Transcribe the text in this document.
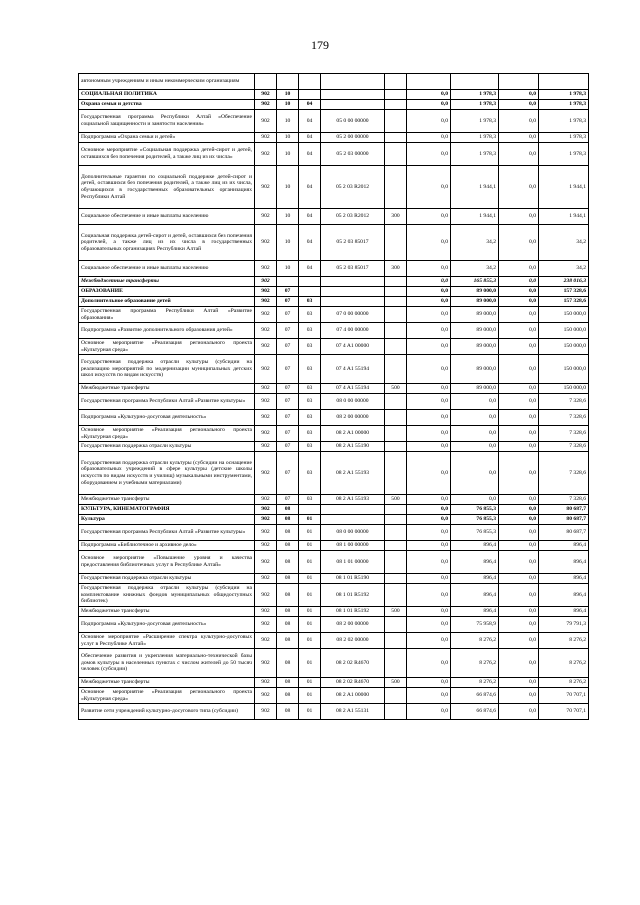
179
автономным учреждениям и иным некоммерческим организациям									
СОЦИАЛЬНАЯ ПОЛИТИКА	902	10				0,0	1 978,3	0,0	1 978,3
Охрана семьи и детства	902	10	04			0,0	1 978,3	0,0	1 978,3
Государственная программа Республики Алтай «Обеспечение социальной защищенности и занятости населения»	902	10	04	05 0 00 00000		0,0	1 978,3	0,0	1 978,3
Подпрограмма «Охрана семьи и детей»	902	10	04	05 2 00 00000		0,0	1 978,3	0,0	1 978,3
Основное мероприятие «Социальная поддержка детей-сирот и детей, оставшихся без попечения родителей, а также лиц из их числа»	902	10	04	05 2 03 00000		0,0	1 978,3	0,0	1 978,3
Дополнительные гарантии по социальной поддержке детей-сирот и детей, оставшихся без попечения родителей, а также лиц из их числа, обучающихся в государственных образовательных организациях Республики Алтай	902	10	04	05 2 03 R2012		0,0	1 944,1	0,0	1 944,1
Социальное обеспечение и иные выплаты населению	902	10	04	05 2 03 R2012	300	0,0	1 944,1	0,0	1 944,1
Социальная поддержка детей-сирот и детей, оставшихся без попечения родителей, а также лиц из их числа в государственных образовательных организациях Республики Алтай	902	10	04	05 2 03 85017		0,0	34,2	0,0	34,2
Социальное обеспечение и иные выплаты населению	902	10	04	05 2 03 85017	300	0,0	34,2	0,0	34,2
Межбюджетные трансферты	902					0,0	165 855,3	0,0	238 016,3
ОБРАЗОВАНИЕ	902	07				0,0	89 000,0	0,0	157 328,6
Дополнительное образование детей	902	07	03			0,0	89 000,0	0,0	157 328,6
Государственная программа Республики Алтай «Развитие образования»	902	07	03	07 0 00 00000		0,0	89 000,0	0,0	150 000,0
Подпрограмма «Развитие дополнительного образования детей»	902	07	03	07 4 00 00000		0,0	89 000,0	0,0	150 000,0
Основное мероприятие «Реализация регионального проекта «Культурная среда»	902	07	03	07 4 A1 00000		0,0	89 000,0	0,0	150 000,0
Государственная поддержка отрасли культуры (субсидии на реализацию мероприятий по модернизации муниципальных детских школ искусств по видам искусств)	902	07	03	07 4 A1 55194		0,0	89 000,0	0,0	150 000,0
Межбюджетные трансферты	902	07	03	07 4 A1 55194	500	0,0	89 000,0	0,0	150 000,0
Государственная программа Республики Алтай «Развитие культуры»	902	07	03	08 0 00 00000		0,0	0,0	0,0	7 328,6
Подпрограмма «Культурно-досуговая деятельность»	902	07	03	08 2 00 00000		0,0	0,0	0,0	7 328,6
Основное мероприятие «Реализация регионального проекта «Культурная среда»	902	07	03	08 2 A1 00000		0,0	0,0	0,0	7 328,6
Государственная поддержка отрасли культуры	902	07	03	08 2 A1 55190		0,0	0,0	0,0	7 328,6
Государственная поддержка отрасли культуры (субсидии на оснащение образовательных учреждений в сфере культуры (детские школы искусств по видам искусств и училищ) музыкальными инструментами, оборудованием и учебными материалами)	902	07	03	08 2 A1 55193		0,0	0,0	0,0	7 328,6
Межбюджетные трансферты	902	07	03	08 2 A1 55193	500	0,0	0,0	0,0	7 328,6
КУЛЬТУРА, КИНЕМАТОГРАФИЯ	902	08				0,0	76 855,3	0,0	80 687,7
Культура	902	08	01			0,0	76 855,3	0,0	80 687,7
Государственная программа Республики Алтай «Развитие культуры»	902	08	01	08 0 00 00000		0,0	76 855,3	0,0	80 687,7
Подпрограмма «Библиотечное и архивное дело»	902	08	01	08 1 00 00000		0,0	896,4	0,0	896,4
Основное мероприятие «Повышение уровня и качества предоставления библиотечных услуг в Республике Алтай»	902	08	01	08 1 01 00000		0,0	896,4	0,0	896,4
Государственная поддержка отрасли культуры	902	08	01	08 1 01 R5190		0,0	896,4	0,0	896,4
Государственная поддержка отрасли культуры (субсидии на комплектование книжных фондов муниципальных общедоступных библиотек)	902	08	01	08 1 01 R5192		0,0	896,4	0,0	896,4
Межбюджетные трансферты	902	08	01	08 1 01 R5192	500	0,0	896,4	0,0	896,4
Подпрограмма «Культурно-досуговая деятельность»	902	08	01	08 2 00 00000		0,0	75 958,9	0,0	79 791,3
Основное мероприятие «Расширение спектра культурно-досуговых услуг в Республике Алтай»	902	08	01	08 2 02 00000		0,0	8 276,2	0,0	8 276,2
Обеспечение развития и укрепления материально-технической базы домов культуры в населенных пунктах с числом жителей до 50 тысяч человек (субсидии)	902	08	01	08 2 02 R4670		0,0	8 276,2	0,0	8 276,2
Межбюджетные трансферты	902	08	01	08 2 02 R4670	500	0,0	8 276,2	0,0	8 276,2
Основное мероприятие «Реализация регионального проекта «Культурная среда»	902	08	01	08 2 A1 00000		0,0	66 874,6	0,0	70 707,1
Развитие сети учреждений культурно-досугового типа (субсидии)	902	08	01	08 2 A1 55131		0,0	66 874,6	0,0	70 707,1
